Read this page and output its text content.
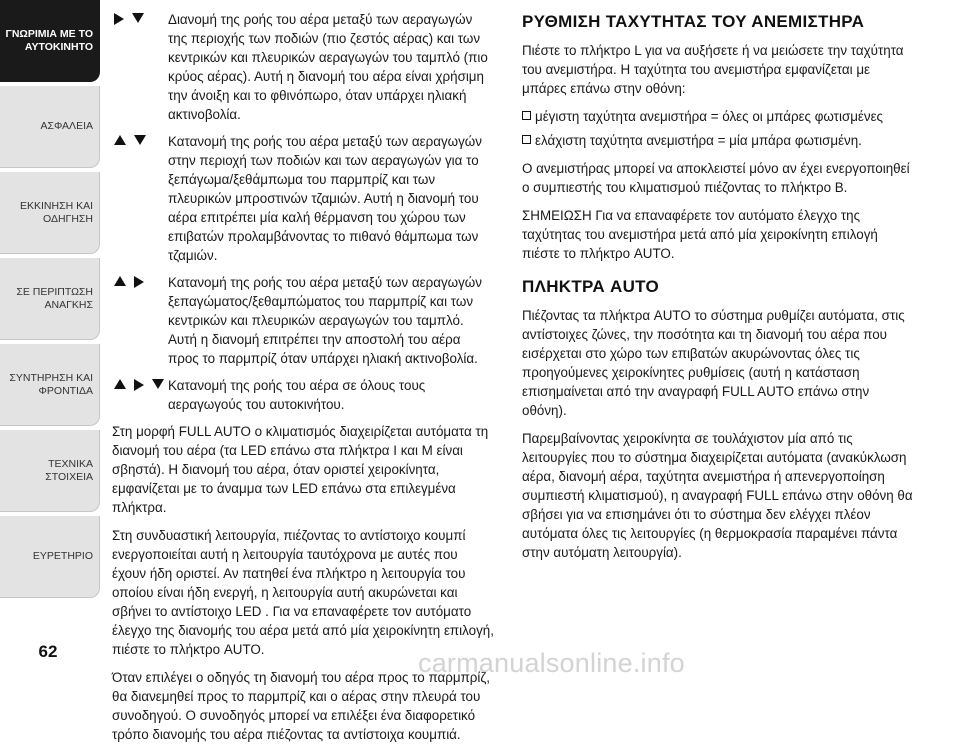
ΓΝΩΡΙΜΙΑ ΜΕ ΤΟ
ΑΥΤΟΚΙΝΗΤΟ
ΑΣΦΑΛΕΙΑ
ΕΚΚΙΝΗΣΗ ΚΑΙ
ΟΔΗΓΗΣΗ
ΣΕ ΠΕΡΙΠΤΩΣΗ
ΑΝΑΓΚΗΣ
ΣΥΝΤΗΡΗΣΗ ΚΑΙ
ΦΡΟΝΤΙΔΑ
ΤΕΧΝΙΚΑ ΣΤΟΙΧΕΙΑ
ΕΥΡΕΤΗΡΙΟ
62
Διανομή της ροής του αέρα μεταξύ των αεραγωγών της περιοχής των ποδιών (πιο ζεστός αέρας) και των κεντρικών και πλευρικών αεραγωγών του ταμπλό (πιο κρύος αέρας). Αυτή η διανομή του αέρα είναι χρήσιμη την άνοιξη και το φθινόπωρο, όταν υπάρχει ηλιακή ακτινοβολία.
Κατανομή της ροής του αέρα μεταξύ των αεραγωγών στην περιοχή των ποδιών και των αεραγωγών για το ξεπάγωμα/ξεθάμπωμα του παρμπρίζ και των πλευρικών μπροστινών τζαμιών. Αυτή η διανομή του αέρα επιτρέπει μία καλή θέρμανση του χώρου των επιβατών προλαμβάνοντας το πιθανό θάμπωμα των τζαμιών.
Κατανομή της ροής του αέρα μεταξύ των αεραγωγών ξεπαγώματος/ξεθαμπώματος του παρμπρίζ και των κεντρικών και πλευρικών αεραγωγών του ταμπλό. Αυτή η διανομή επιτρέπει την αποστολή του αέρα προς το παρμπρίζ όταν υπάρχει ηλιακή ακτινοβολία.
Κατανομή της ροής του αέρα σε όλους τους αεραγωγούς του αυτοκινήτου.

Στη μορφή FULL AUTO ο κλιματισμός διαχειρίζεται αυτόματα τη διανομή του αέρα (τα LED επάνω στα πλήκτρα I και M είναι σβηστά). Η διανομή του αέρα, όταν οριστεί χειροκίνητα, εμφανίζεται με το άναμμα των LED επάνω στα επιλεγμένα πλήκτρα.

Στη συνδυαστική λειτουργία, πιέζοντας το αντίστοιχο κουμπί ενεργοποιείται αυτή η λειτουργία ταυτόχρονα με αυτές που έχουν ήδη οριστεί. Αν πατηθεί ένα πλήκτρο η λειτουργία του οποίου είναι ήδη ενεργή, η λειτουργία αυτή ακυρώνεται και σβήνει το αντίστοιχο LED . Για να επαναφέρετε τον αυτόματο έλεγχο της διανομής του αέρα μετά από μία χειροκίνητη επιλογή, πιέστε το πλήκτρο AUTO.

Όταν επιλέγει ο οδηγός τη διανομή του αέρα προς το παρμπρίζ, θα διανεμηθεί προς το παρμπρίζ και ο αέρας στην πλευρά του συνοδηγού. Ο συνοδηγός μπορεί να επιλέξει ένα διαφορετικό τρόπο διανομής του αέρα πιέζοντας τα αντίστοιχα κουμπιά.

ΡΥΘΜΙΣΗ ΤΑΧΥΤΗΤΑΣ ΤΟΥ ΑΝΕΜΙΣΤΗΡΑ

Πιέστε το πλήκτρο L για να αυξήσετε ή να μειώσετε την ταχύτητα του ανεμιστήρα. Η ταχύτητα του ανεμιστήρα εμφανίζεται με μπάρες επάνω στην οθόνη:

μέγιστη ταχύτητα ανεμιστήρα = όλες οι μπάρες φωτισμένες
ελάχιστη ταχύτητα ανεμιστήρα = μία μπάρα φωτισμένη.

Ο ανεμιστήρας μπορεί να αποκλειστεί μόνο αν έχει ενεργοποιηθεί ο συμπιεστής του κλιματισμού πιέζοντας το πλήκτρο B.

ΣΗΜΕΙΩΣΗ Για να επαναφέρετε τον αυτόματο έλεγχο της ταχύτητας του ανεμιστήρα μετά από μία χειροκίνητη επιλογή πιέστε το πλήκτρο AUTO.

ΠΛΗΚΤΡΑ AUTO

Πιέζοντας τα πλήκτρα AUTO το σύστημα ρυθμίζει αυτόματα, στις αντίστοιχες ζώνες, την ποσότητα και τη διανομή του αέρα που εισέρχεται στο χώρο των επιβατών ακυρώνοντας όλες τις προηγούμενες χειροκίνητες ρυθμίσεις (αυτή η κατάσταση επισημαίνεται από την αναγραφή FULL AUTO επάνω στην οθόνη).

Παρεμβαίνοντας χειροκίνητα σε τουλάχιστον μία από τις λειτουργίες που το σύστημα διαχειρίζεται αυτόματα (ανακύκλωση αέρα, διανομή αέρα, ταχύτητα ανεμιστήρα ή απενεργοποίηση συμπιεστή κλιματισμού), η αναγραφή FULL επάνω στην οθόνη θα σβήσει για να επισημάνει ότι το σύστημα δεν ελέγχει πλέον αυτόματα όλες τις λειτουργίες (η θερμοκρασία παραμένει πάντα στην αυτόματη λειτουργία).

carmanualsonline.info
